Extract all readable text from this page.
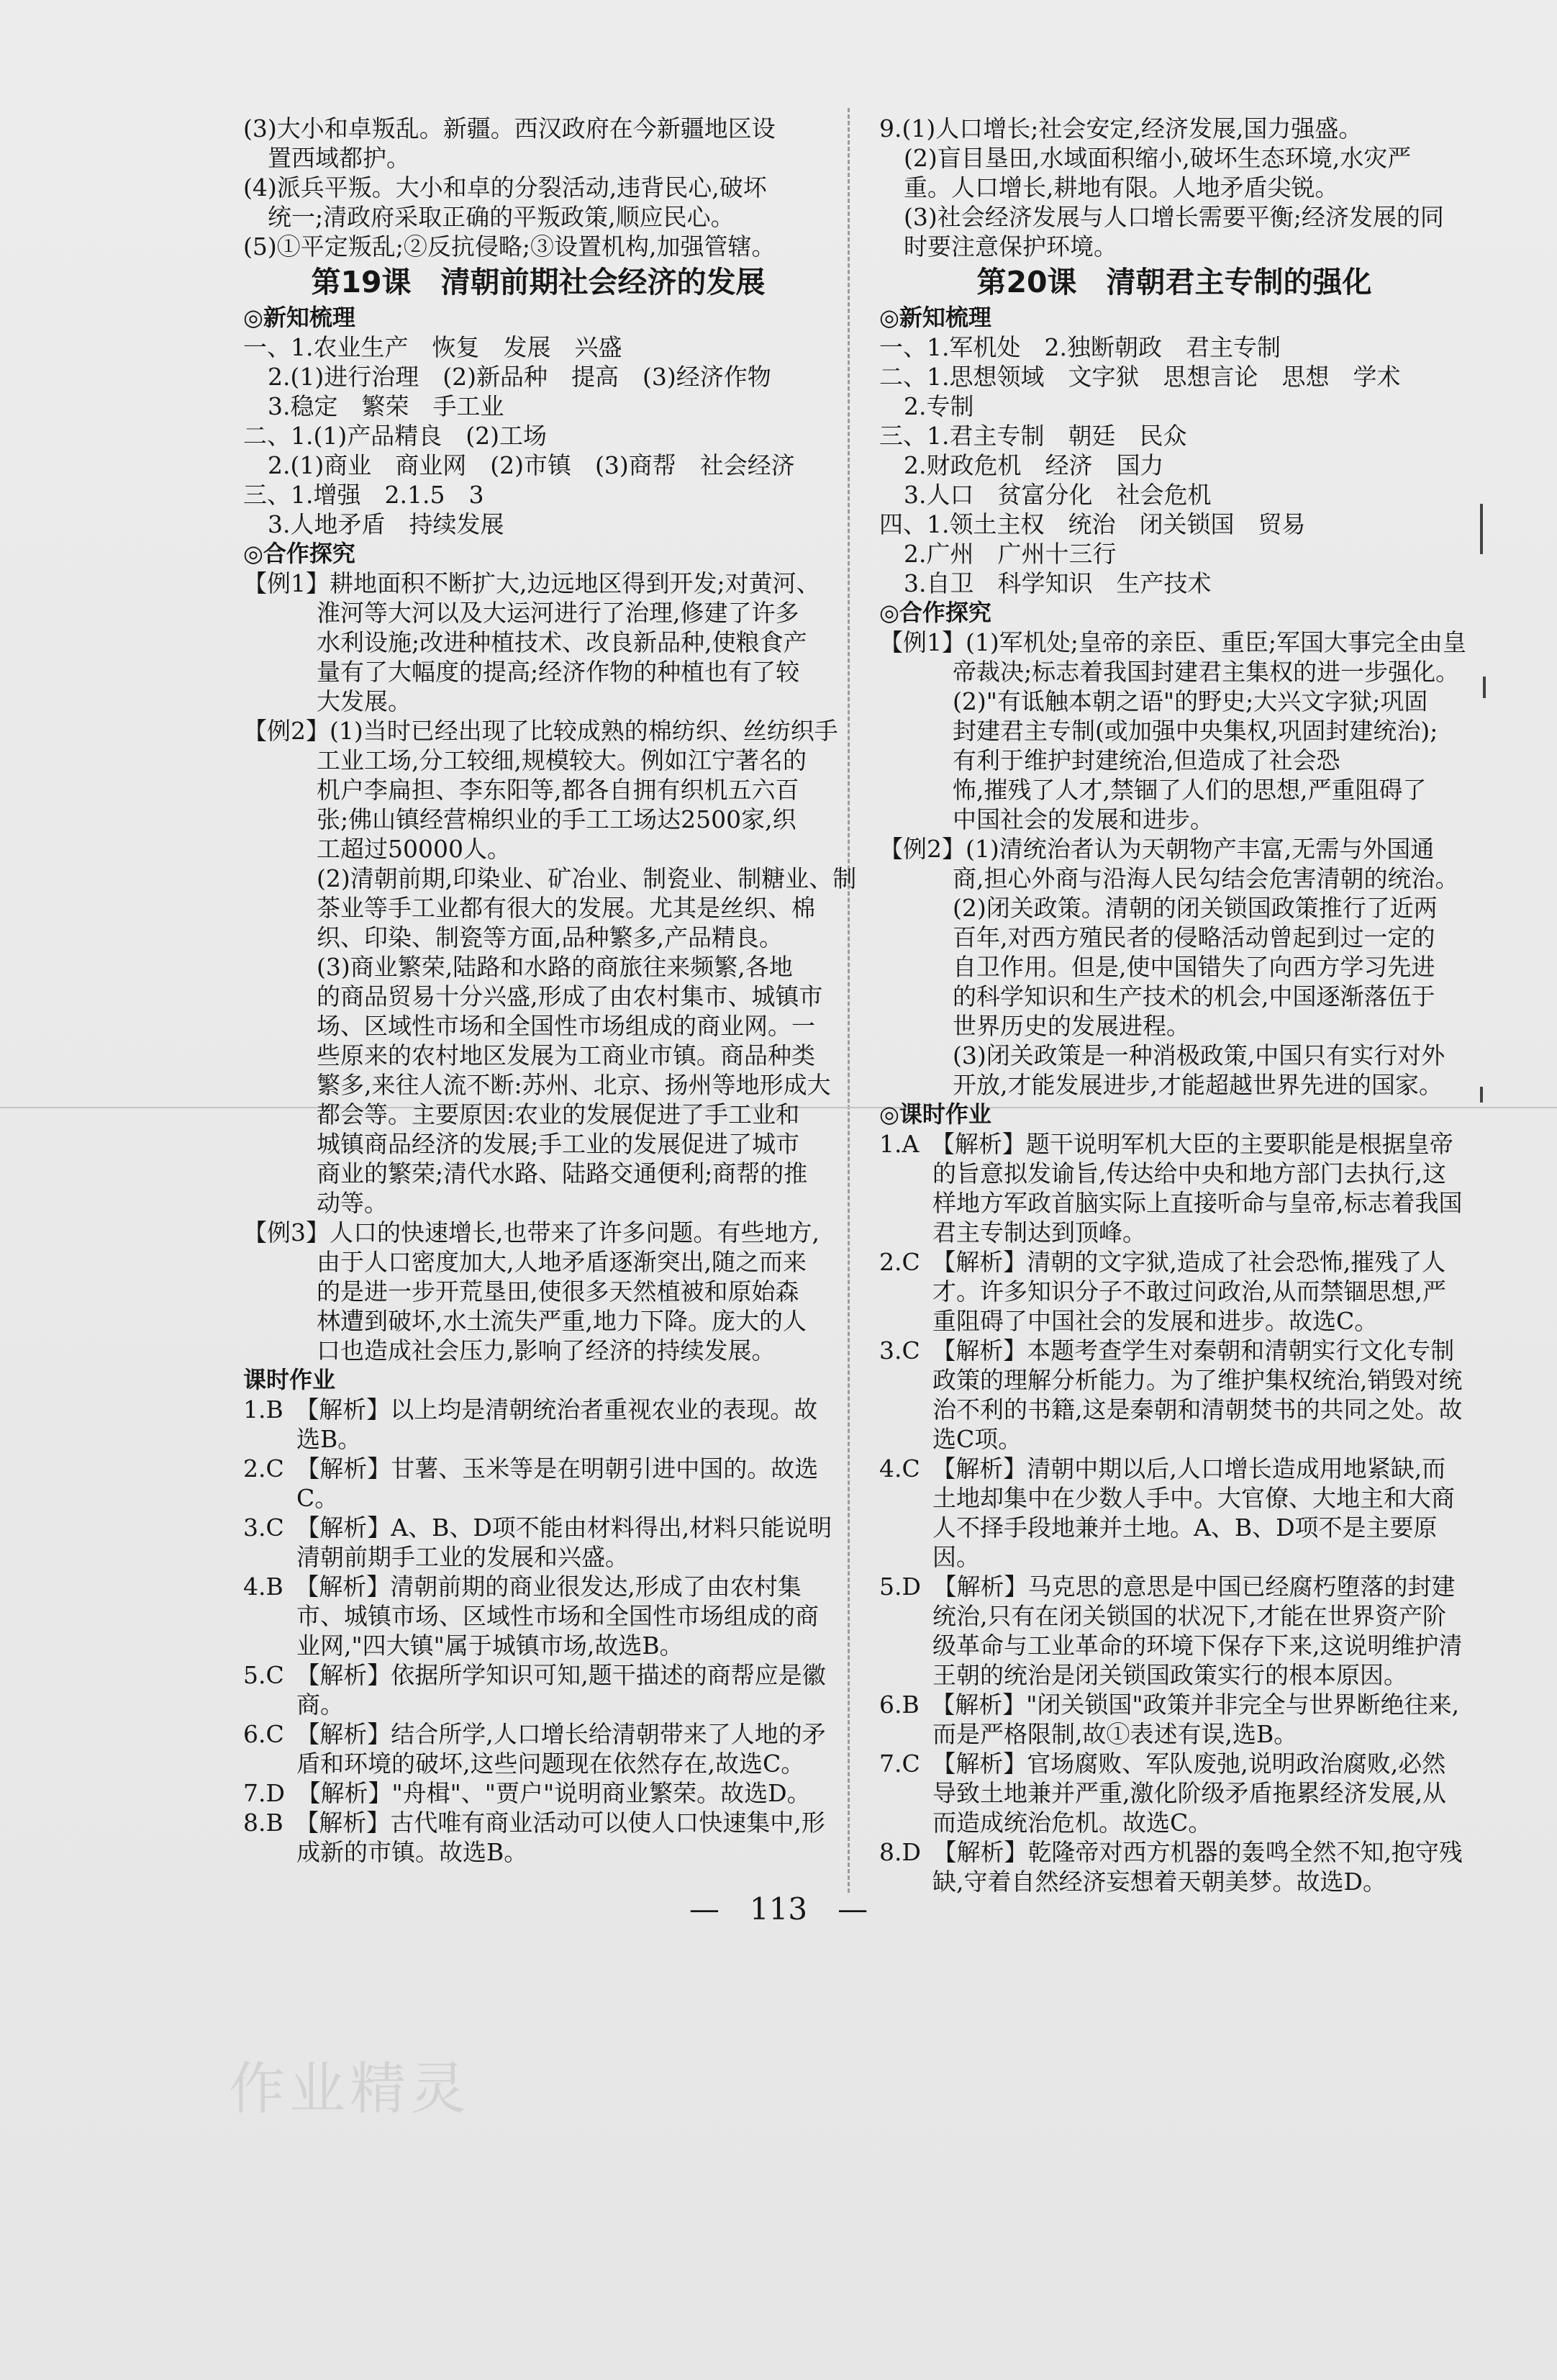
(3)大小和卓叛乱。新疆。西汉政府在今新疆地区设
置西域都护。
(4)派兵平叛。大小和卓的分裂活动,违背民心,破坏
统一;清政府采取正确的平叛政策,顺应民心。
(5)①平定叛乱;②反抗侵略;③设置机构,加强管辖。
第19课　清朝前期社会经济的发展
◎新知梳理
一、1.农业生产　恢复　发展　兴盛
2.(1)进行治理　(2)新品种　提高　(3)经济作物
3.稳定　繁荣　手工业
二、1.(1)产品精良　(2)工场
2.(1)商业　商业网　(2)市镇　(3)商帮　社会经济
三、1.增强　2.1.5　3
3.人地矛盾　持续发展
◎合作探究
【例1】耕地面积不断扩大,边远地区得到开发;对黄河、
淮河等大河以及大运河进行了治理,修建了许多
水利设施;改进种植技术、改良新品种,使粮食产
量有了大幅度的提高;经济作物的种植也有了较
大发展。
【例2】(1)当时已经出现了比较成熟的棉纺织、丝纺织手
工业工场,分工较细,规模较大。例如江宁著名的
机户李扁担、李东阳等,都各自拥有织机五六百
张;佛山镇经营棉织业的手工工场达2500家,织
工超过50000人。
(2)清朝前期,印染业、矿冶业、制瓷业、制糖业、制
茶业等手工业都有很大的发展。尤其是丝织、棉
织、印染、制瓷等方面,品种繁多,产品精良。
(3)商业繁荣,陆路和水路的商旅往来频繁,各地
的商品贸易十分兴盛,形成了由农村集市、城镇市
场、区域性市场和全国性市场组成的商业网。一
些原来的农村地区发展为工商业市镇。商品种类
繁多,来往人流不断:苏州、北京、扬州等地形成大
都会等。主要原因:农业的发展促进了手工业和
城镇商品经济的发展;手工业的发展促进了城市
商业的繁荣;清代水路、陆路交通便利;商帮的推
动等。
【例3】人口的快速增长,也带来了许多问题。有些地方,
由于人口密度加大,人地矛盾逐渐突出,随之而来
的是进一步开荒垦田,使很多天然植被和原始森
林遭到破坏,水土流失严重,地力下降。庞大的人
口也造成社会压力,影响了经济的持续发展。
课时作业
1.B　【解析】以上均是清朝统治者重视农业的表现。故选B。
2.C　【解析】甘薯、玉米等是在明朝引进中国的。故选C。
3.C　【解析】A、B、D项不能由材料得出,材料只能说明清朝前期手工业的发展和兴盛。
4.B　【解析】清朝前期的商业很发达,形成了由农村集市、城镇市场、区域性市场和全国性市场组成的商业网,"四大镇"属于城镇市场,故选B。
5.C　【解析】依据所学知识可知,题干描述的商帮应是徽商。
6.C　【解析】结合所学,人口增长给清朝带来了人地的矛盾和环境的破坏,这些问题现在依然存在,故选C。
7.D　【解析】"舟楫"、"贾户"说明商业繁荣。故选D。
8.B　【解析】古代唯有商业活动可以使人口快速集中,形成新的市镇。故选B。
9.(1)人口增长;社会安定,经济发展,国力强盛。
(2)盲目垦田,水域面积缩小,破坏生态环境,水灾严
重。人口增长,耕地有限。人地矛盾尖锐。
(3)社会经济发展与人口增长需要平衡;经济发展的同
时要注意保护环境。
第20课　清朝君主专制的强化
◎新知梳理
一、1.军机处　2.独断朝政　君主专制
二、1.思想领域　文字狱　思想言论　思想　学术
2.专制
三、1.君主专制　朝廷　民众
2.财政危机　经济　国力
3.人口　贫富分化　社会危机
四、1.领土主权　统治　闭关锁国　贸易
2.广州　广州十三行
3.自卫　科学知识　生产技术
◎合作探究
【例1】(1)军机处;皇帝的亲臣、重臣;军国大事完全由皇
帝裁决;标志着我国封建君主集权的进一步强化。
(2)"有诋触本朝之语"的野史;大兴文字狱;巩固
封建君主专制(或加强中央集权,巩固封建统治);
有利于维护封建统治,但造成了社会恐
怖,摧残了人才,禁锢了人们的思想,严重阻碍了
中国社会的发展和进步。
【例2】(1)清统治者认为天朝物产丰富,无需与外国通
商,担心外商与沿海人民勾结会危害清朝的统治。
(2)闭关政策。清朝的闭关锁国政策推行了近两
百年,对西方殖民者的侵略活动曾起到过一定的
自卫作用。但是,使中国错失了向西方学习先进
的科学知识和生产技术的机会,中国逐渐落伍于
世界历史的发展进程。
(3)闭关政策是一种消极政策,中国只有实行对外
开放,才能发展进步,才能超越世界先进的国家。
◎课时作业
1.A　【解析】题干说明军机大臣的主要职能是根据皇帝的旨意拟发谕旨,传达给中央和地方部门去执行,这样地方军政首脑实际上直接听命与皇帝,标志着我国君主专制达到顶峰。
2.C　【解析】清朝的文字狱,造成了社会恐怖,摧残了人才。许多知识分子不敢过问政治,从而禁锢思想,严重阻碍了中国社会的发展和进步。故选C。
3.C　【解析】本题考查学生对秦朝和清朝实行文化专制政策的理解分析能力。为了维护集权统治,销毁对统治不利的书籍,这是秦朝和清朝焚书的共同之处。故选C项。
4.C　【解析】清朝中期以后,人口增长造成用地紧缺,而土地却集中在少数人手中。大官僚、大地主和大商人不择手段地兼并土地。A、B、D项不是主要原因。
5.D　【解析】马克思的意思是中国已经腐朽堕落的封建统治,只有在闭关锁国的状况下,才能在世界资产阶级革命与工业革命的环境下保存下来,这说明维护清王朝的统治是闭关锁国政策实行的根本原因。
6.B　【解析】"闭关锁国"政策并非完全与世界断绝往来,而是严格限制,故①表述有误,选B。
7.C　【解析】官场腐败、军队废弛,说明政治腐败,必然导致土地兼并严重,激化阶级矛盾拖累经济发展,从而造成统治危机。故选C。
8.D　【解析】乾隆帝对西方机器的轰鸣全然不知,抱守残缺,守着自然经济妄想着天朝美梦。故选D。
—　113　—
作业精灵
